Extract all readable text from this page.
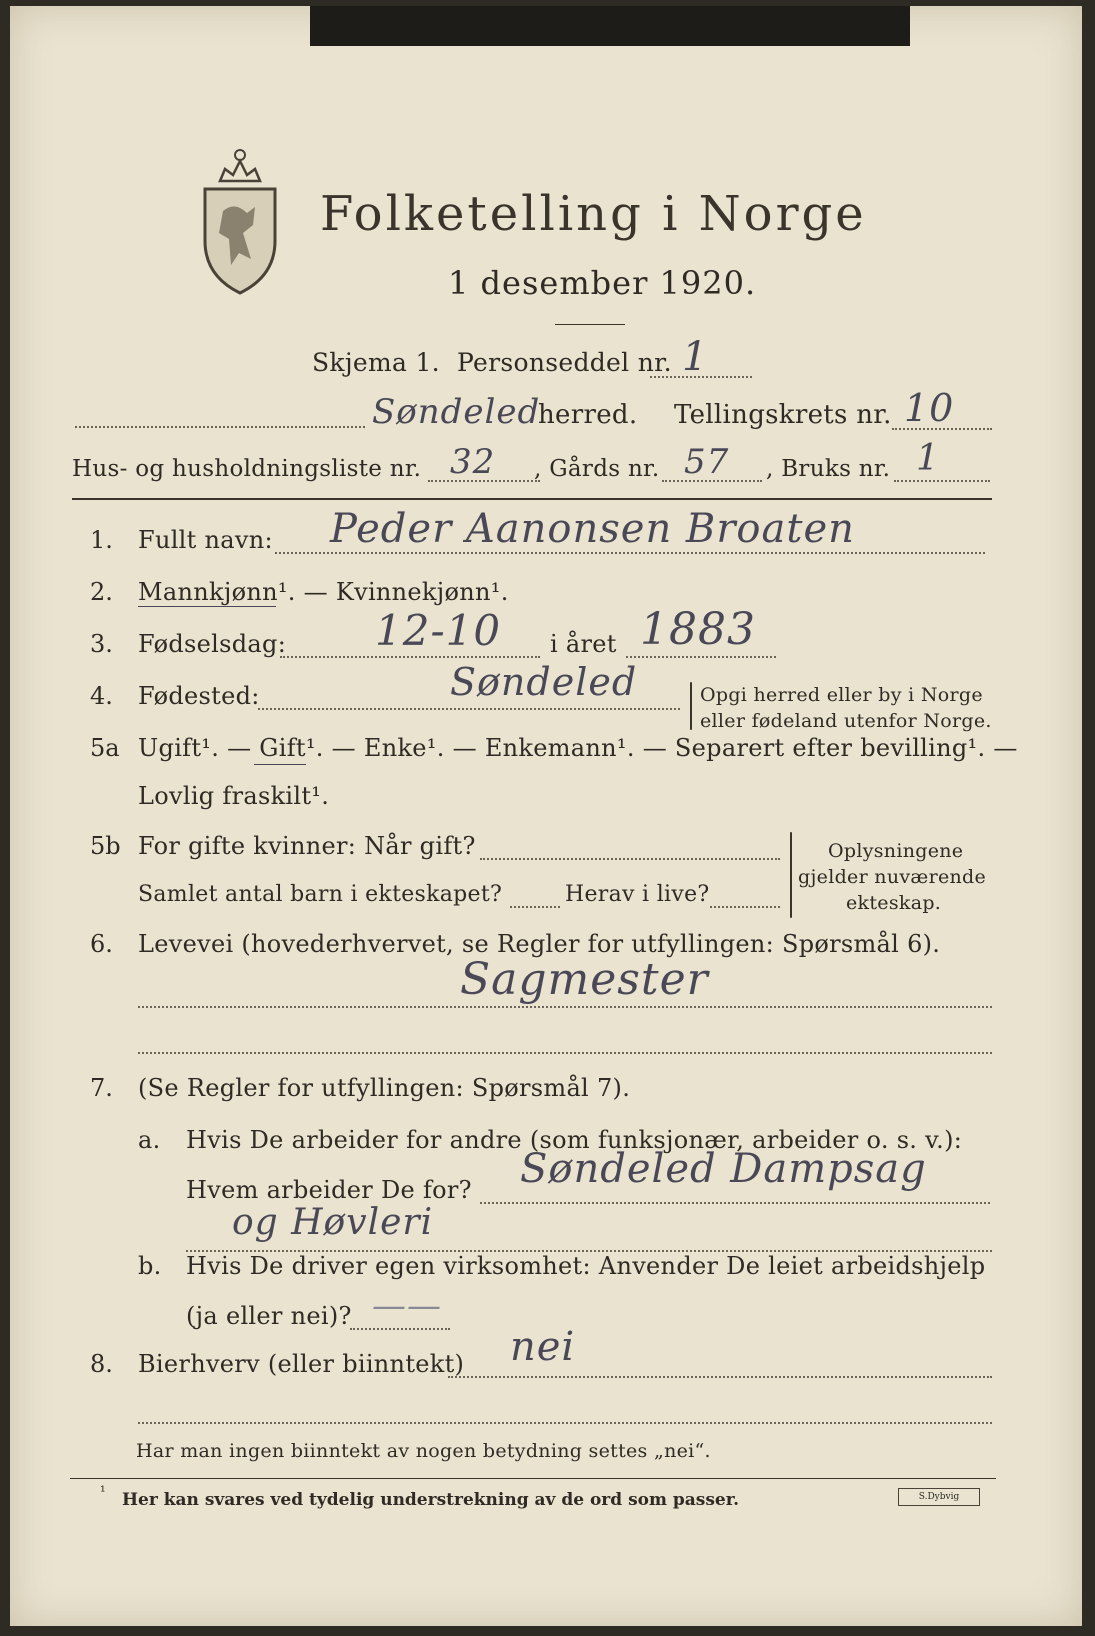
Folketelling i Norge
1 desember 1920.
Skjema 1. Personseddel nr. 1
Søndeled
herred. Tellingskrets nr. 10
Hus- og husholdningsliste nr. 32 , Gårds nr. 57 , Bruks nr. 1
1. Fullt navn: Peder Aanonsen Broaten
2. Mannkjønn¹. — Kvinnekjønn¹.
3. Fødselsdag: 12-10 i året 1883
4. Fødested:	Søndeled	Opgi herred eller by i Norge
eller fødeland utenfor Norge.
5a Ugift¹. — Gift¹. — Enke¹. — Enkemann¹. — Separert efter bevilling¹. —
Lovlig fraskilt¹.
5b For gifte kvinner: Når gift?
Samlet antal barn i ekteskapet?	Herav i live?
Oplysningene
gjelder nuværende
ekteskap.
6. Levevei (hovederhvervet, se Regler for utfyllingen: Spørsmål 6).
Sagmester
7. (Se Regler for utfyllingen: Spørsmål 7).
a. Hvis De arbeider for andre (som funksjonær, arbeider o. s. v.):
Hvem arbeider De for? Søndeled Dampsag
og Høvleri
b. Hvis De driver egen virksomhet: Anvender De leiet arbeidshjelp
(ja eller nei)? ——
8. Bierhverv (eller biinntekt) nei
Har man ingen biinntekt av nogen betydning settes „nei“.
¹ Her kan svares ved tydelig understrekning av de ord som passer.	S.Dybvig
